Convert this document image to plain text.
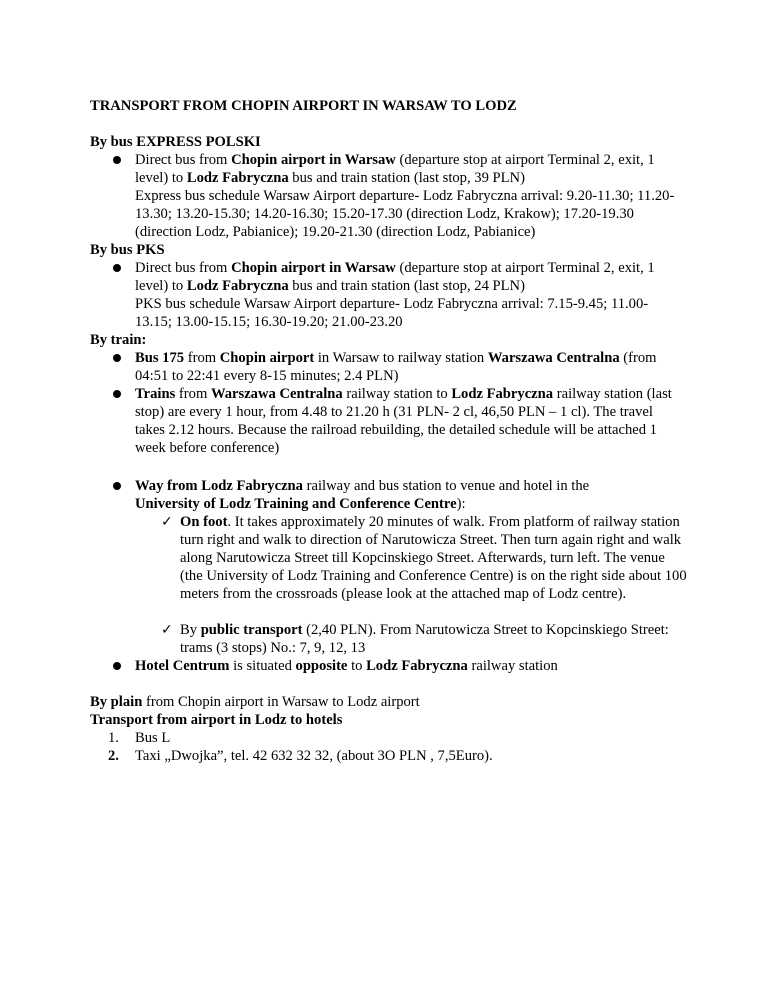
TRANSPORT FROM CHOPIN AIRPORT IN WARSAW TO LODZ
By bus EXPRESS POLSKI
Direct bus from Chopin airport in Warsaw (departure stop at airport Terminal 2, exit, 1 level) to Lodz Fabryczna bus and train station (last stop, 39 PLN)
Express bus schedule Warsaw Airport departure- Lodz Fabryczna arrival: 9.20-11.30; 11.20-13.30; 13.20-15.30; 14.20-16.30; 15.20-17.30 (direction Lodz, Krakow); 17.20-19.30 (direction Lodz, Pabianice); 19.20-21.30 (direction Lodz, Pabianice)
By bus PKS
Direct bus from Chopin airport in Warsaw (departure stop at airport Terminal 2, exit, 1 level) to Lodz Fabryczna bus and train station (last stop, 24 PLN)
PKS bus schedule Warsaw Airport departure- Lodz Fabryczna arrival: 7.15-9.45; 11.00-13.15; 13.00-15.15; 16.30-19.20; 21.00-23.20
By train:
Bus 175 from Chopin airport in Warsaw to railway station Warszawa Centralna (from 04:51 to 22:41 every 8-15 minutes; 2.4 PLN)
Trains from Warszawa Centralna railway station to Lodz Fabryczna railway station (last stop) are every 1 hour, from 4.48 to 21.20 h (31 PLN- 2 cl, 46,50 PLN – 1 cl). The travel takes 2.12 hours. Because the railroad rebuilding, the detailed schedule will be attached 1 week before conference)
Way from Lodz Fabryczna railway and bus station to venue and hotel in the
University of Lodz Training and Conference Centre):
✓ On foot. It takes approximately 20 minutes of walk. From platform of railway station turn right and walk to direction of Narutowicza Street. Then turn again right and walk along Narutowicza Street till Kopcinskiego Street. Afterwards, turn left. The venue (the University of Lodz Training and Conference Centre) is on the right side about 100 meters from the crossroads (please look at the attached map of Lodz centre).
✓ By public transport (2,40 PLN). From Narutowicza Street to Kopcinskiego Street: trams (3 stops) No.: 7, 9, 12, 13
Hotel Centrum is situated opposite to Lodz Fabryczna railway station
By plain from Chopin airport in Warsaw to Lodz airport
Transport from airport in Lodz to hotels
1. Bus L
2. Taxi „Dwojka”, tel. 42 632 32 32, (about 3O PLN , 7,5Euro).
